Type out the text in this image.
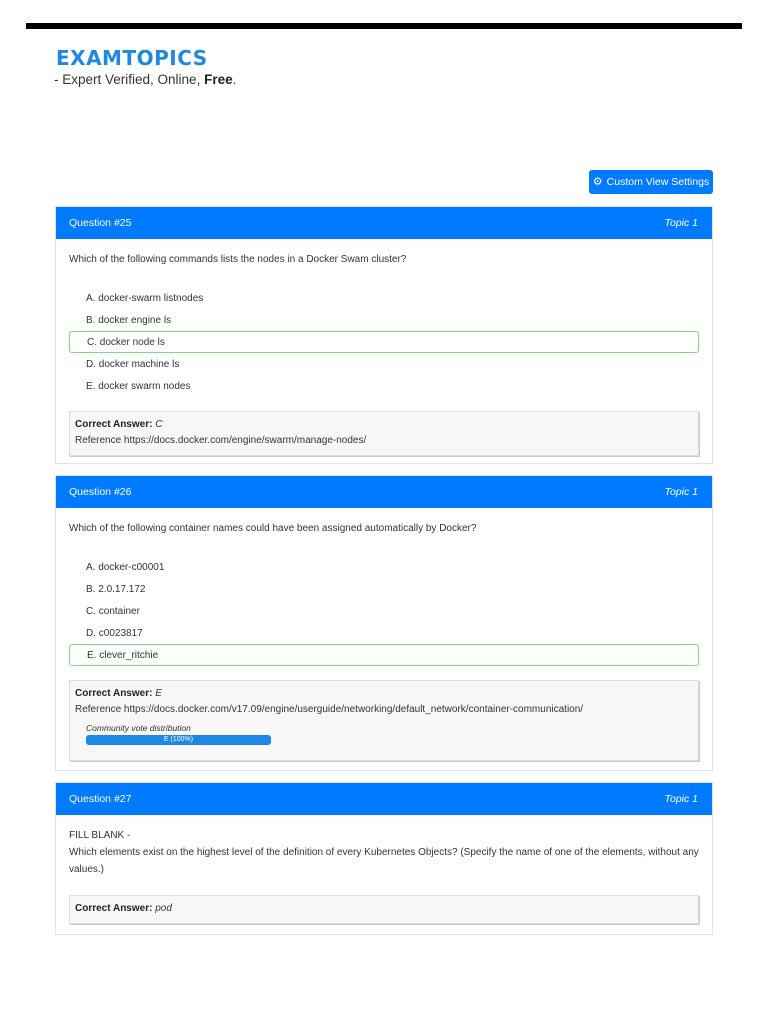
EXAMTOPICS
- Expert Verified, Online, Free.
⚙ Custom View Settings
Question #25	Topic 1
Which of the following commands lists the nodes in a Docker Swam cluster?
A. docker-swarm listnodes
B. docker engine ls
C. docker node ls
D. docker machine ls
E. docker swarm nodes
Correct Answer: C
Reference https://docs.docker.com/engine/swarm/manage-nodes/
Question #26	Topic 1
Which of the following container names could have been assigned automatically by Docker?
A. docker-c00001
B. 2.0.17.172
C. container
D. c0023817
E. clever_ritchie
Correct Answer: E
Reference https://docs.docker.com/v17.09/engine/userguide/networking/default_network/container-communication/
Community vote distribution
E (100%)
Question #27	Topic 1
FILL BLANK -
Which elements exist on the highest level of the definition of every Kubernetes Objects? (Specify the name of one of the elements, without any values.)
Correct Answer: pod
